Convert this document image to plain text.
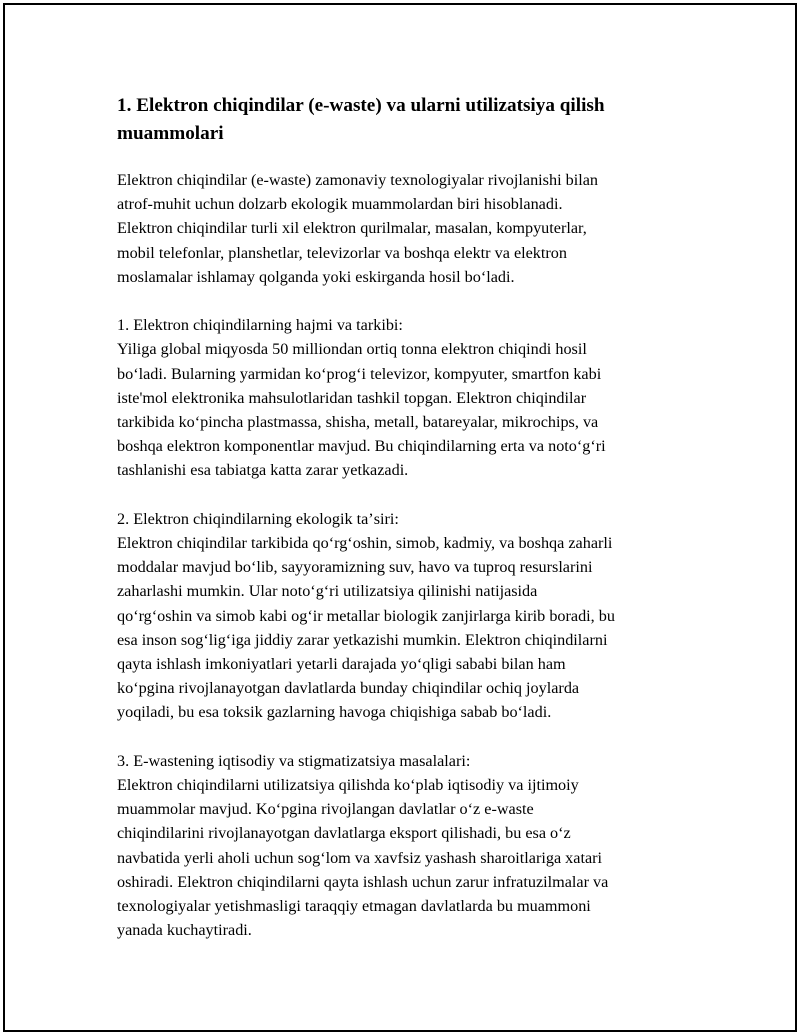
1. Elektron chiqindilar (e-waste) va ularni utilizatsiya qilish
muammolari

Elektron chiqindilar (e-waste) zamonaviy texnologiyalar rivojlanishi bilan
atrof-muhit uchun dolzarb ekologik muammolardan biri hisoblanadi.
Elektron chiqindilar turli xil elektron qurilmalar, masalan, kompyuterlar,
mobil telefonlar, planshetlar, televizorlar va boshqa elektr va elektron
moslamalar ishlamay qolganda yoki eskirganda hosil boʻladi.

1. Elektron chiqindilarning hajmi va tarkibi:
Yiliga global miqyosda 50 milliondan ortiq tonna elektron chiqindi hosil
boʻladi. Bularning yarmidan koʻprogʻi televizor, kompyuter, smartfon kabi
iste'mol elektronika mahsulotlaridan tashkil topgan. Elektron chiqindilar
tarkibida koʻpincha plastmassa, shisha, metall, batareyalar, mikrochips, va
boshqa elektron komponentlar mavjud. Bu chiqindilarning erta va notoʻgʻri
tashlanishi esa tabiatga katta zarar yetkazadi.

2. Elektron chiqindilarning ekologik taʼsiri:
Elektron chiqindilar tarkibida qoʻrgʻoshin, simob, kadmiy, va boshqa zaharli
moddalar mavjud boʻlib, sayyoramizning suv, havo va tuproq resurslarini
zaharlashi mumkin. Ular notoʻgʻri utilizatsiya qilinishi natijasida
qoʻrgʻoshin va simob kabi ogʻir metallar biologik zanjirlarga kirib boradi, bu
esa inson sogʻligʻiga jiddiy zarar yetkazishi mumkin. Elektron chiqindilarni
qayta ishlash imkoniyatlari yetarli darajada yoʻqligi sababi bilan ham
koʻpgina rivojlanayotgan davlatlarda bunday chiqindilar ochiq joylarda
yoqiladi, bu esa toksik gazlarning havoga chiqishiga sabab boʻladi.

3. E-wastening iqtisodiy va stigmatizatsiya masalalari:
Elektron chiqindilarni utilizatsiya qilishda koʻplab iqtisodiy va ijtimoiy
muammolar mavjud. Koʻpgina rivojlangan davlatlar oʻz e-waste
chiqindilarini rivojlanayotgan davlatlarga eksport qilishadi, bu esa oʻz
navbatida yerli aholi uchun sogʻlom va xavfsiz yashash sharoitlariga xatari
oshiradi. Elektron chiqindilarni qayta ishlash uchun zarur infratuzilmalar va
texnologiyalar yetishmasligi taraqqiy etmagan davlatlarda bu muammoni
yanada kuchaytiradi.
